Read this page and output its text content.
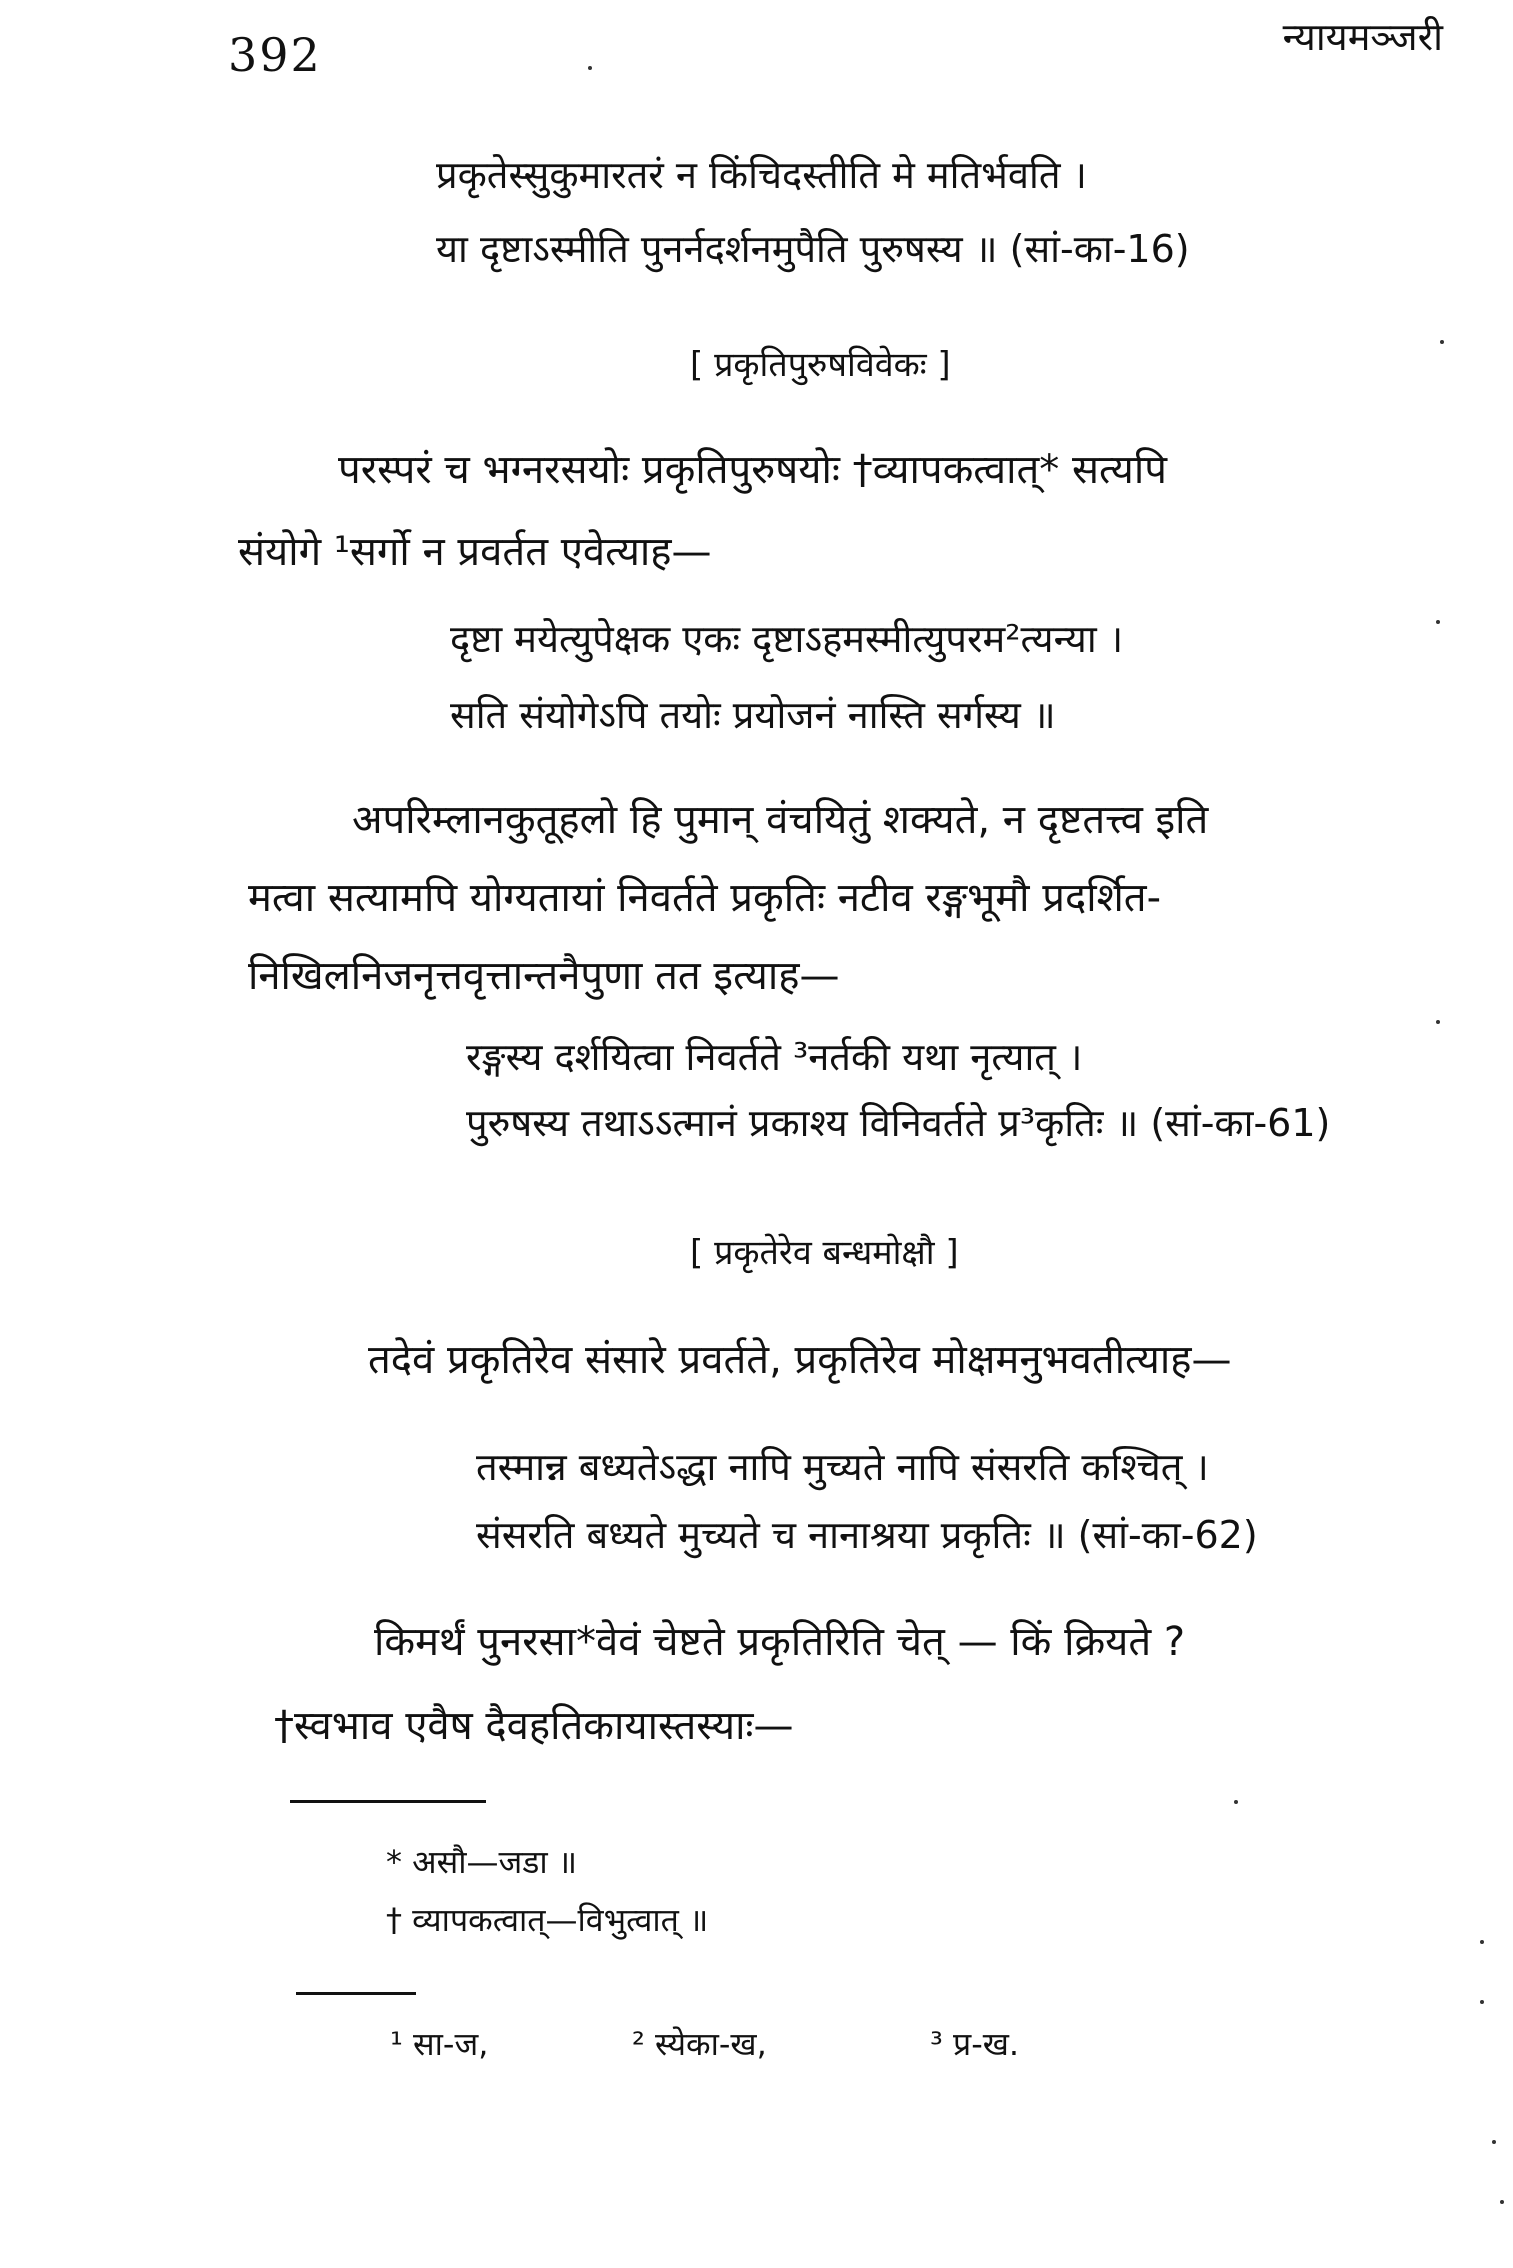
392	न्यायमञ्जरी
प्रकृतेस्सुकुमारतरं न किंचिदस्तीति मे मतिर्भवति ।
या दृष्टाऽस्मीति पुनर्नदर्शनमुपैति पुरुषस्य ॥ (सां-का-16)
[ प्रकृतिपुरुषविवेकः ]
परस्परं च भग्नरसयोः प्रकृतिपुरुषयोः †व्यापकत्वात्* सत्यपि
संयोगे ¹सर्गो न प्रवर्तत एवेत्याह—
दृष्टा मयेत्युपेक्षक एकः दृष्टाऽहमस्मीत्युपरम²त्यन्या ।
सति संयोगेऽपि तयोः प्रयोजनं नास्ति सर्गस्य ॥
अपरिम्लानकुतूहलो हि पुमान् वंचयितुं शक्यते, न दृष्टतत्त्व इति
मत्वा सत्यामपि योग्यतायां निवर्तते प्रकृतिः नटीव रङ्गभूमौ प्रदर्शित-
निखिलनिजनृत्तवृत्तान्तनैपुणा तत इत्याह—
रङ्गस्य दर्शयित्वा निवर्तते ³नर्तकी यथा नृत्यात् ।
पुरुषस्य तथाऽऽत्मानं प्रकाश्य विनिवर्तते प्र³कृतिः ॥ (सां-का-61)
[ प्रकृतेरेव बन्धमोक्षौ ]
तदेवं प्रकृतिरेव संसारे प्रवर्तते, प्रकृतिरेव मोक्षमनुभवतीत्याह—
तस्मान्न बध्यतेऽद्धा नापि मुच्यते नापि संसरति कश्चित् ।
संसरति बध्यते मुच्यते च नानाश्रया प्रकृतिः ॥ (सां-का-62)
किमर्थं पुनरसा*वेवं चेष्टते प्रकृतिरिति चेत् — किं क्रियते ?
†स्वभाव एवैष दैवहतिकायास्तस्याः—
* असौ—जडा ॥
† व्यापकत्वात्—विभुत्वात् ॥
¹ सा-ज,	² स्येका-ख,	³ प्र-ख.
